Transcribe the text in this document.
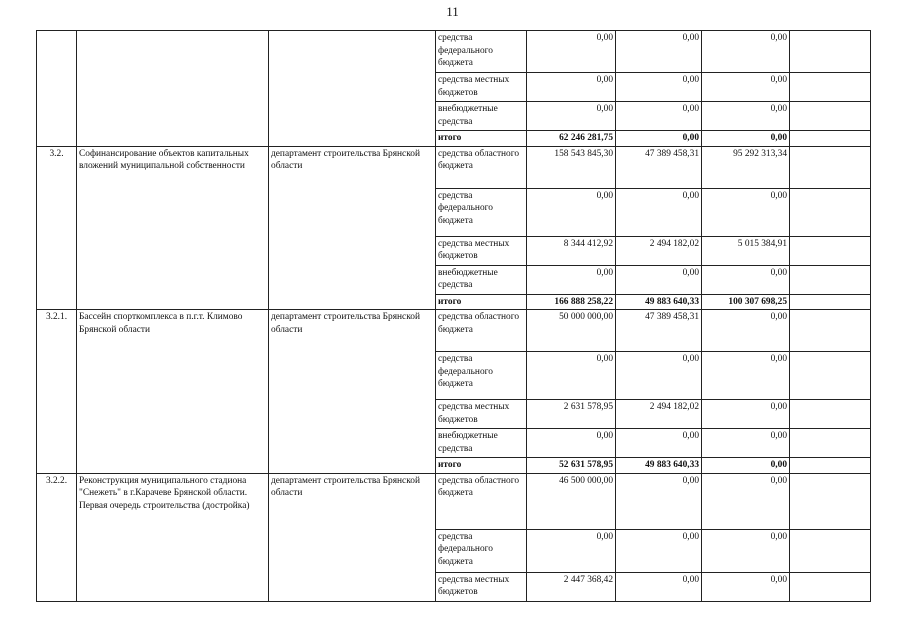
11
			средства федерального бюджета	0,00	0,00	0,00	
			средства местных бюджетов	0,00	0,00	0,00	
			внебюджетные средства	0,00	0,00	0,00	
			итого	62 246 281,75	0,00	0,00	
3.2.	Софинансирование объектов капитальных вложений муниципальной собственности	департамент строительства Брянской области	средства областного бюджета	158 543 845,30	47 389 458,31	95 292 313,34	
			средства федерального бюджета	0,00	0,00	0,00	
			средства местных бюджетов	8 344 412,92	2 494 182,02	5 015 384,91	
			внебюджетные средства	0,00	0,00	0,00	
			итого	166 888 258,22	49 883 640,33	100 307 698,25	
3.2.1.	Бассейн спорткомплекса в п.г.т. Климово Брянской области	департамент строительства Брянской области	средства областного бюджета	50 000 000,00	47 389 458,31	0,00	
			средства федерального бюджета	0,00	0,00	0,00	
			средства местных бюджетов	2 631 578,95	2 494 182,02	0,00	
			внебюджетные средства	0,00	0,00	0,00	
			итого	52 631 578,95	49 883 640,33	0,00	
3.2.2.	Реконструкция муниципального стадиона "Снежеть" в г.Карачеве Брянской области. Первая очередь строительства (достройка)	департамент строительства Брянской области	средства областного бюджета	46 500 000,00	0,00	0,00	
			средства федерального бюджета	0,00	0,00	0,00	
			средства местных бюджетов	2 447 368,42	0,00	0,00	
